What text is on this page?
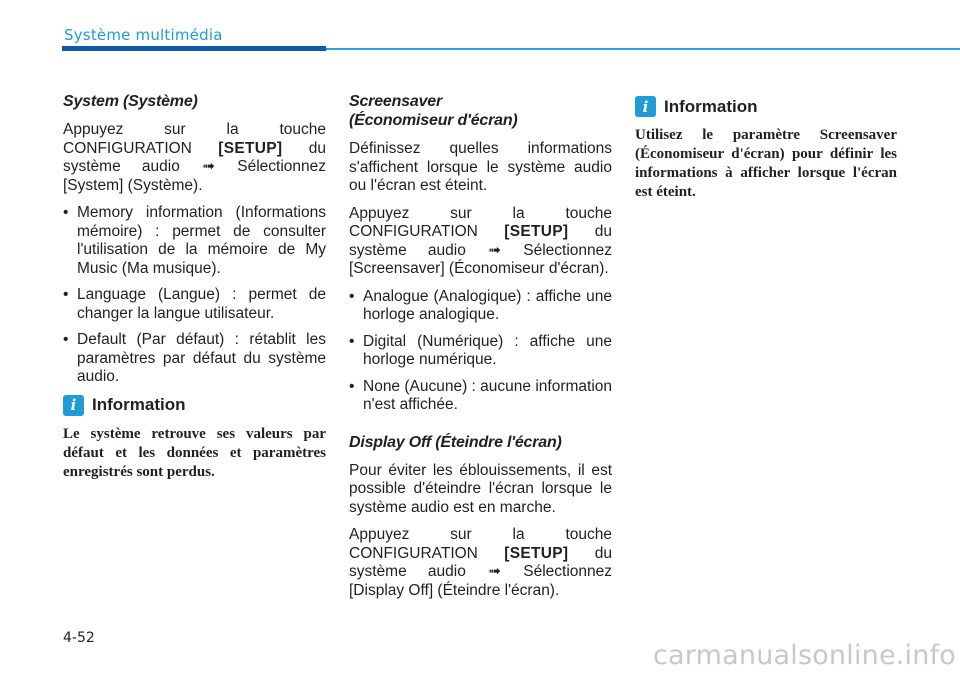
Système multimédia
System (Système)

Appuyez sur la touche CONFIGURATION [SETUP] du système audio ➟ Sélectionnez [System] (Système).

• Memory information (Informations mémoire) : permet de consulter l'utilisation de la mémoire de My Music (Ma musique).
• Language (Langue) : permet de changer la langue utilisateur.
• Default (Par défaut) : rétablit les paramètres par défaut du système audio.
i Information

Le système retrouve ses valeurs par défaut et les données et paramètres enregistrés sont perdus.

Screensaver
(Économiseur d'écran)

Définissez quelles informations s'affichent lorsque le système audio ou l'écran est éteint.

Appuyez sur la touche CONFIGURATION [SETUP] du système audio ➟ Sélectionnez [Screensaver] (Économiseur d'écran).

• Analogue (Analogique) : affiche une horloge analogique.
• Digital (Numérique) : affiche une horloge numérique.
• None (Aucune) : aucune information n'est affichée.
Display Off (Éteindre l'écran)

Pour éviter les éblouissements, il est possible d'éteindre l'écran lorsque le système audio est en marche.

Appuyez sur la touche CONFIGURATION [SETUP] du système audio ➟ Sélectionnez [Display Off] (Éteindre l'écran).

i Information

Utilisez le paramètre Screensaver (Économiseur d'écran) pour définir les informations à afficher lorsque l'écran est éteint.

4-52
carmanualsonline.info
